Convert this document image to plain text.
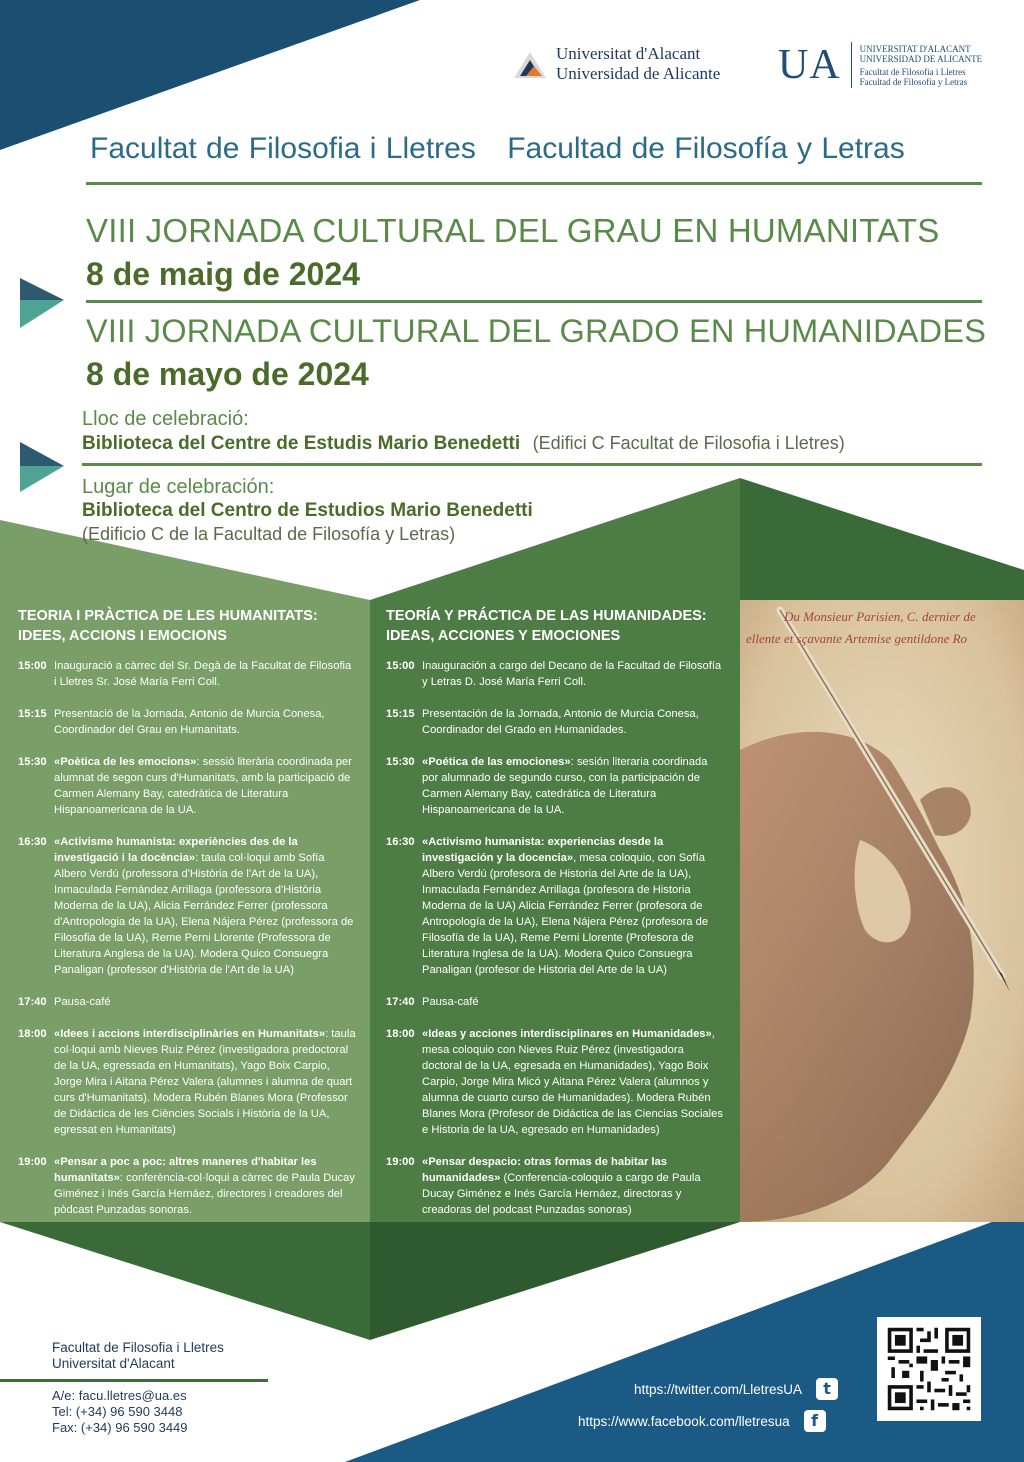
Du Monsieur Parisien, C. dernier de
ellente et sçavante Artemise gentildone Ro
Universitat d'Alacant
Universidad de Alicante UA	UNIVERSITAT D'ALACANT
UNIVERSIDAD DE ALICANTE
Facultat de Filosofia i Lletres
Facultad de Filosofía y Letras
Facultat de Filosofia i Lletres Facultad de Filosofía y Letras
VIII JORNADA CULTURAL DEL GRAU EN HUMANITATS
8 de maig de 2024
VIII JORNADA CULTURAL DEL GRADO EN HUMANIDADES
8 de mayo de 2024
Lloc de celebració:
Biblioteca del Centre de Estudis Mario Benedetti (Edifici C Facultat de Filosofia i Lletres)
Lugar de celebración:
Biblioteca del Centro de Estudios Mario Benedetti
(Edificio C de la Facultad de Filosofía y Letras)
TEORIA I PRÀCTICA DE LES HUMANITATS:
IDEES, ACCIONS I EMOCIONS
15:00 Inauguració a càrrec del Sr. Degà de la Facultat de Filosofia i Lletres Sr. José María Ferri Coll.
15:15 Presentació de la Jornada, Antonio de Murcia Conesa, Coordinador del Grau en Humanitats.
15:30 «Poètica de les emocions»: sessió literària coordinada per alumnat de segon curs d'Humanitats, amb la participació de Carmen Alemany Bay, catedràtica de Literatura Hispanoamericana de la UA.
16:30 «Activisme humanista: experiències des de la investigació i la docència»: taula col·loqui amb Sofía Albero Verdú (professora d'Història de l'Art de la UA), Inmaculada Fernández Arrillaga (professora d'Història Moderna de la UA), Alicia Ferrández Ferrer (professora d'Antropologia de la UA), Elena Nájera Pérez (professora de Filosofia de la UA), Reme Perni Llorente (Professora de Literatura Anglesa de la UA). Modera Quico Consuegra Panaligan (professor d'Història de l'Art de la UA)
17:40 Pausa-café
18:00 «Idees i accions interdisciplinàries en Humanitats»: taula col·loqui amb Nieves Ruiz Pérez (investigadora predoctoral de la UA, egressada en Humanitats), Yago Boix Carpio, Jorge Mira i Aitana Pérez Valera (alumnes i alumna de quart curs d'Humanitats). Modera Rubén Blanes Mora (Professor de Didàctica de les Ciències Socials i Història de la UA, egressat en Humanitats)
19:00 «Pensar a poc a poc: altres maneres d'habitar les humanitats»: conferència-col·loqui a càrrec de Paula Ducay Giménez i Inés García Hernáez, directores i creadores del pòdcast Punzadas sonoras.
TEORÍA Y PRÁCTICA DE LAS HUMANIDADES:
IDEAS, ACCIONES Y EMOCIONES
15:00 Inauguración a cargo del Decano de la Facultad de Filosofía y Letras D. José María Ferri Coll.
15:15 Presentación de la Jornada, Antonio de Murcia Conesa, Coordinador del Grado en Humanidades.
15:30 «Poética de las emociones»: sesión literaria coordinada por alumnado de segundo curso, con la participación de Carmen Alemany Bay, catedrática de Literatura Hispanoamericana de la UA.
16:30 «Activismo humanista: experiencias desde la investigación y la docencia», mesa coloquio, con Sofía Albero Verdú (profesora de Historia del Arte de la UA), Inmaculada Fernández Arrillaga (profesora de Historia Moderna de la UA) Alicia Ferrández Ferrer (profesora de Antropología de la UA), Elena Nájera Pérez (profesora de Filosofía de la UA), Reme Perni Llorente (Profesora de Literatura Inglesa de la UA). Modera Quico Consuegra Panaligan (profesor de Historia del Arte de la UA)
17:40 Pausa-café
18:00 «Ideas y acciones interdisciplinares en Humanidades», mesa coloquio con Nieves Ruiz Pérez (investigadora doctoral de la UA, egresada en Humanidades), Yago Boix Carpio, Jorge Mira Micó y Aitana Pérez Valera (alumnos y alumna de cuarto curso de Humanidades). Modera Rubén Blanes Mora (Profesor de Didáctica de las Ciencias Sociales e Historia de la UA, egresado en Humanidades)
19:00 «Pensar despacio: otras formas de habitar las humanidades» (Conferencia-coloquio a cargo de Paula Ducay Giménez e Inés García Hernáez, directoras y creadoras del podcast Punzadas sonoras)
Facultat de Filosofia i Lletres
Universitat d'Alacant
A/e: facu.lletres@ua.es
Tel: (+34) 96 590 3448
Fax: (+34) 96 590 3449
https://twitter.com/LletresUA	t
https://www.facebook.com/lletresua	f
